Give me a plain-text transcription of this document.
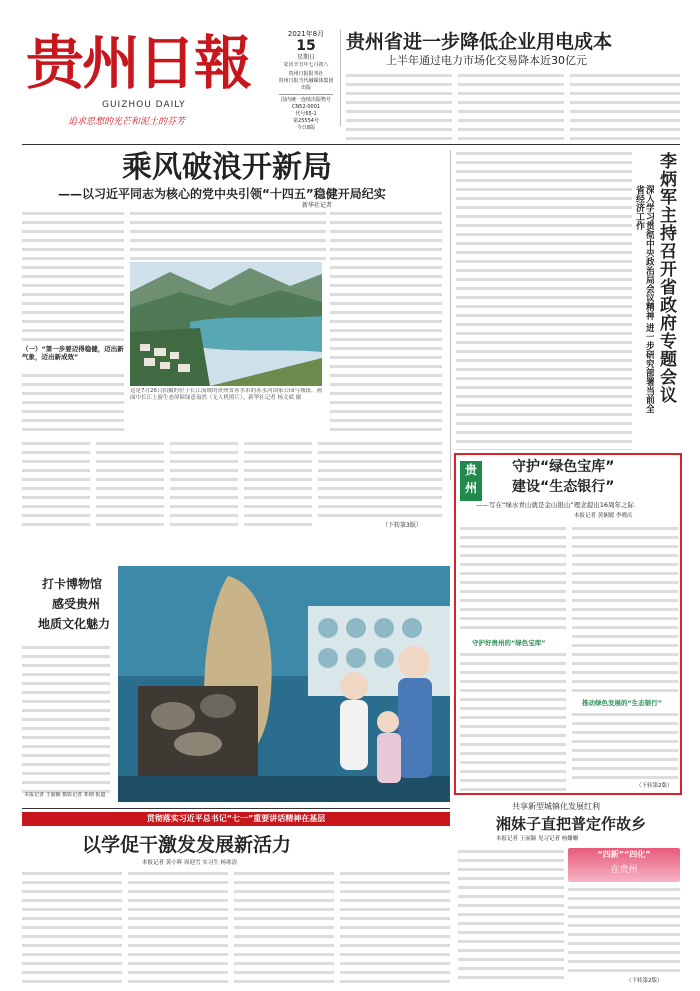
贵州日報
GUIZHOU DAILY
追求思想的光芒和泥土的芬芳
2021年8月
15
星期日
农历辛丑年七月初八
贵州日报报刊社
贵州日报当代融媒体集团
出版
国内统一连续出版物号
CN52-0001
代号65-1
第25554号
今日8版
贵州省进一步降低企业用电成本
上半年通过电力市场化交易降本近30亿元
乘风破浪开新局
——以习近平同志为核心的党中央引领“十四五”稳健开局纪实
新华社记者
（一）“第一步要迈得稳健，迈出新气象，迈出新成效”
这是7月26日拍摄的位于长江流域的贵州省赤水市的赤水河国家公园与城镇，画面中长江上游生态屏障绿意盎然（无人机照片）。新华社记者 杨文斌 摄
（下转第3版）
李炳军主持召开省政府专题会议
深入学习贯彻中央政治局会议精神 进一步研究部署当前全省经济工作
贵
州
守护“绿色宝库”
建设“生态银行”
——写在“绿水青山就是金山银山”理念提出16周年之际
本报记者 黄娴媛 李晓庆
守护好贵州的“绿色宝库”
推动绿色发展的“生态银行”
（下转第2版）
打卡博物馆
感受贵州
地质文化魅力
本报记者 王丽颖 摄影记者 邓刚 报道
共享新型城镇化发展红利
湘妹子直把普定作故乡
本报记者 王丽颖 见习记者 杨姗姗
“四新”“四化”
在贵州
（下转第2版）
贯彻落实习近平总书记“七一”重要讲话精神在基层
以学促干激发发展新活力
本报记者 黄小辉 周迎雪 实习生 杨寒清
